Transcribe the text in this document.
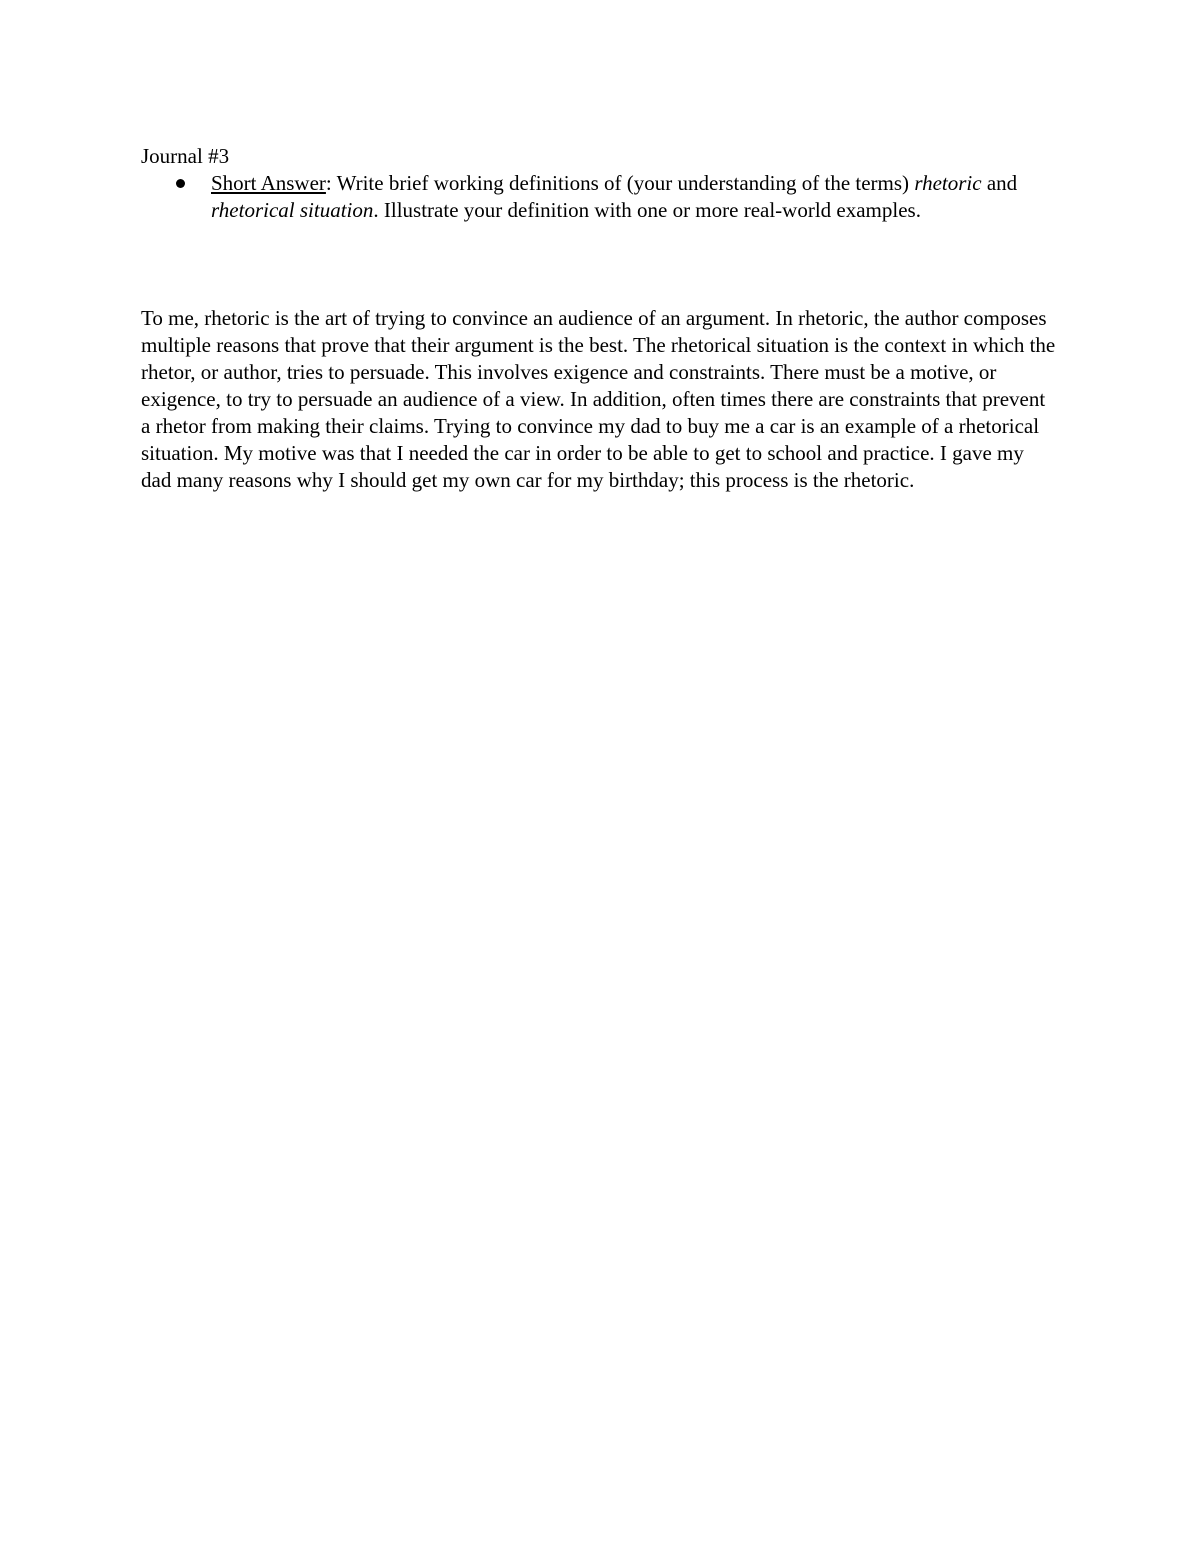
Journal #3
Short Answer: Write brief working definitions of (your understanding of the terms) rhetoric and rhetorical situation. Illustrate your definition with one or more real-world examples.

To me, rhetoric is the art of trying to convince an audience of an argument. In rhetoric, the author composes multiple reasons that prove that their argument is the best. The rhetorical situation is the context in which the rhetor, or author, tries to persuade. This involves exigence and constraints. There must be a motive, or exigence, to try to persuade an audience of a view. In addition, often times there are constraints that prevent a rhetor from making their claims. Trying to convince my dad to buy me a car is an example of a rhetorical situation. My motive was that I needed the car in order to be able to get to school and practice. I gave my dad many reasons why I should get my own car for my birthday; this process is the rhetoric.
